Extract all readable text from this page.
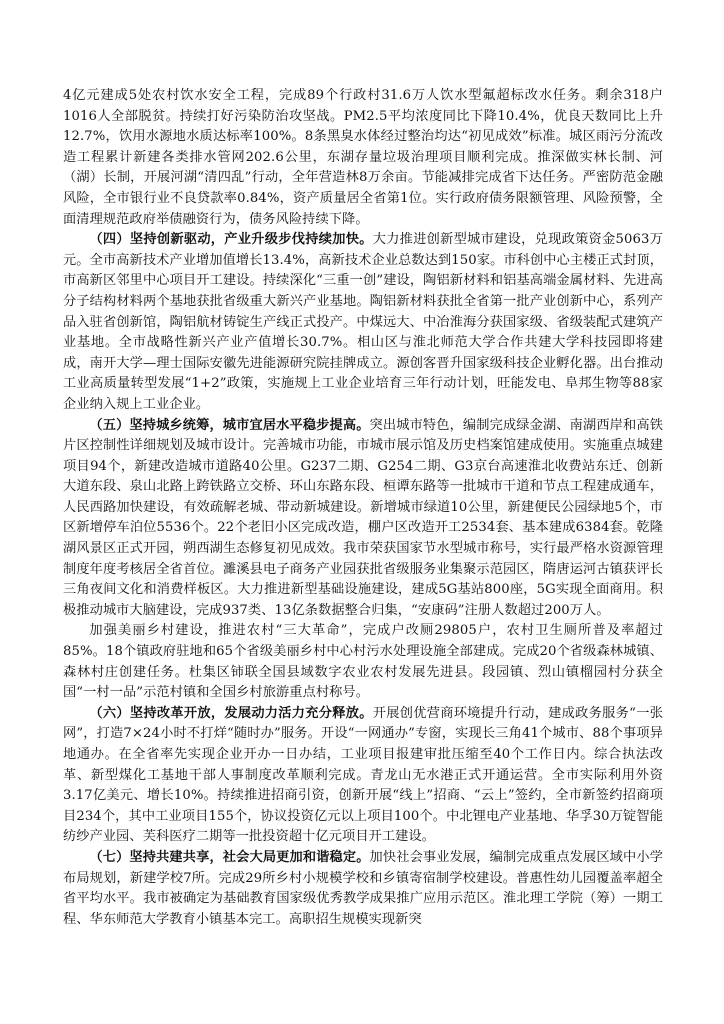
4亿元建成5处农村饮水安全工程，完成89个行政村31.6万人饮水型氟超标改水任务。剩余318户1016人全部脱贫。持续打好污染防治攻坚战。PM2.5平均浓度同比下降10.4%，优良天数同比上升12.7%，饮用水源地水质达标率100%。8条黑臭水体经过整治均达“初见成效”标准。城区雨污分流改造工程累计新建各类排水管网202.6公里，东湖存量垃圾治理项目顺利完成。推深做实林长制、河（湖）长制，开展河湖“清四乱”行动，全年营造林8万余亩。节能减排完成省下达任务。严密防范金融风险，全市银行业不良贷款率0.84%，资产质量居全省第1位。实行政府债务限额管理、风险预警，全面清理规范政府举债融资行为，债务风险持续下降。

（四）坚持创新驱动，产业升级步伐持续加快。大力推进创新型城市建设，兑现政策资金5063万元。全市高新技术产业增加值增长13.4%，高新技术企业总数达到150家。市科创中心主楼正式封顶，市高新区邻里中心项目开工建设。持续深化“三重一创”建设，陶铝新材料和铝基高端金属材料、先进高分子结构材料两个基地获批省级重大新兴产业基地。陶铝新材料获批全省第一批产业创新中心，系列产品入驻省创新馆，陶铝航材铸锭生产线正式投产。中煤远大、中冶淮海分获国家级、省级装配式建筑产业基地。全市战略性新兴产业产值增长30.7%。相山区与淮北师范大学合作共建大学科技园即将建成，南开大学—理士国际安徽先进能源研究院挂牌成立。源创客晋升国家级科技企业孵化器。出台推动工业高质量转型发展“1+2”政策，实施规上工业企业培育三年行动计划，旺能发电、阜邦生物等88家企业纳入规上工业企业。

（五）坚持城乡统筹，城市宜居水平稳步提高。突出城市特色，编制完成绿金湖、南湖西岸和高铁片区控制性详细规划及城市设计。完善城市功能，市城市展示馆及历史档案馆建成使用。实施重点城建项目94个，新建改造城市道路40公里。G237二期、G254二期、G3京台高速淮北收费站东迁、创新大道东段、泉山北路上跨铁路立交桥、环山东路东段、桓谭东路等一批城市干道和节点工程建成通车，人民西路加快建设，有效疏解老城、带动新城建设。新增城市绿道10公里，新建便民公园绿地5个，市区新增停车泊位5536个。22个老旧小区完成改造，棚户区改造开工2534套、基本建成6384套。乾隆湖风景区正式开园，朔西湖生态修复初见成效。我市荣获国家节水型城市称号，实行最严格水资源管理制度年度考核居全省首位。濉溪县电子商务产业园获批省级服务业集聚示范园区，隋唐运河古镇获评长三角夜间文化和消费样板区。大力推进新型基础设施建设，建成5G基站800座，5G实现全面商用。积极推动城市大脑建设，完成937类、13亿条数据整合归集，“安康码”注册人数超过200万人。

加强美丽乡村建设，推进农村“三大革命”，完成户改厕29805户，农村卫生厕所普及率超过85%。18个镇政府驻地和65个省级美丽乡村中心村污水处理设施全部建成。完成20个省级森林城镇、森林村庄创建任务。杜集区铈联全国县域数字农业农村发展先进县。段园镇、烈山镇榴园村分获全国“一村一品”示范村镇和全国乡村旅游重点村称号。

（六）坚持改革开放，发展动力活力充分释放。开展创优营商环境提升行动，建成政务服务“一张网”，打造7×24小时不打烊“随时办”服务。开设“一网通办”专窗，实现长三角41个城市、88个事项异地通办。在全省率先实现企业开办一日办结，工业项目报建审批压缩至40个工作日内。综合执法改革、新型煤化工基地干部人事制度改革顺利完成。青龙山无水港正式开通运营。全市实际利用外资3.17亿美元、增长10%。持续推进招商引资，创新开展“线上”招商、“云上”签约，全市新签约招商项目234个，其中工业项目155个，协议投资亿元以上项目100个。中北锂电产业基地、华孚30万锭智能纺纱产业园、芙科医疗二期等一批投资超十亿元项目开工建设。

（七）坚持共建共享，社会大局更加和谐稳定。加快社会事业发展，编制完成重点发展区域中小学布局规划，新建学校7所。完成29所乡村小规模学校和乡镇寄宿制学校建设。普惠性幼儿园覆盖率超全省平均水平。我市被确定为基础教育国家级优秀教学成果推广应用示范区。淮北理工学院（筹）一期工程、华东师范大学教育小镇基本完工。高职招生规模实现新突
